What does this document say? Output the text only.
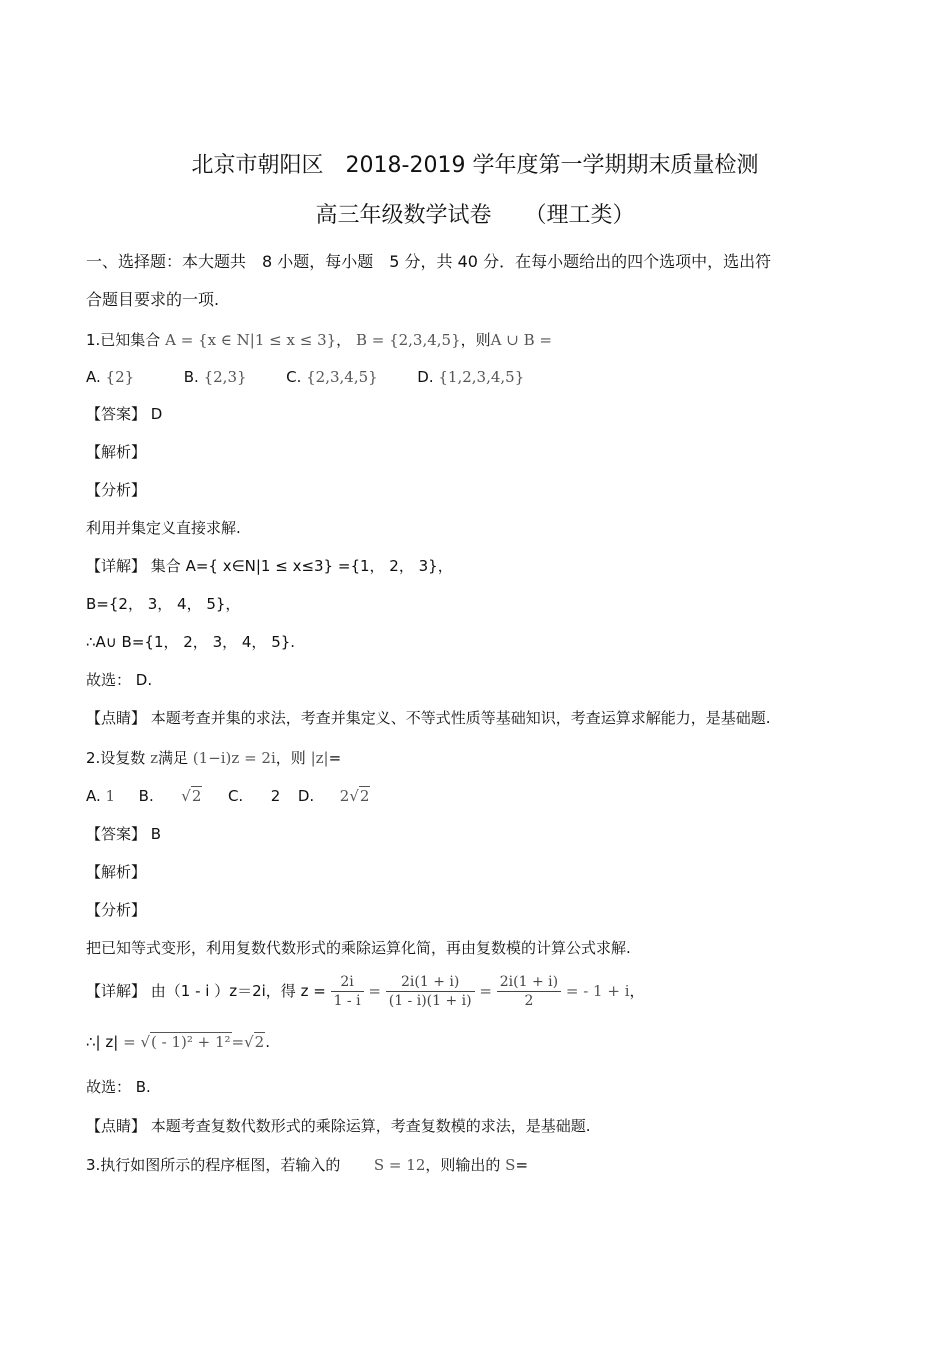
北京市朝阳区　2018-2019 学年度第一学期期末质量检测
高三年级数学试卷　　（理工类）
一、选择题：本大题共　8 小题，每小题　5 分，共 40 分．在每小题给出的四个选项中，选出符
合题目要求的一项.
1.已知集合 A = {x ∈ N|1 ≤ x ≤ 3}， B = {2,3,4,5}，则A ∪ B =
A. {2}	B. {2,3}	C. {2,3,4,5}	D. {1,2,3,4,5}
【答案】 D
【解析】
【分析】
利用并集定义直接求解.
【详解】 集合 A={ x∈N|1 ≤ x≤3} ={1， 2， 3}，
B={2， 3， 4， 5}，
∴A∪ B={1， 2， 3， 4， 5}.
故选： D.
【点睛】 本题考查并集的求法，考查并集定义、不等式性质等基础知识，考查运算求解能力，是基础题.
2.设复数 z满足 (1−i)z = 2i，则 |z|=
A. 1 B. √2 C. 2 D. 2√2
【答案】 B
【解析】
【分析】
把已知等式变形，利用复数代数形式的乘除运算化简，再由复数模的计算公式求解.
【详解】 由（1 - i ）z＝2i，得 $z = \frac{2i}{1 - i} = \frac{2i(1 + i)}{(1 - i)(1 + i)} = \frac{2i(1 + i)}{2}$ = - 1 + i，
∴| z| = √( - 1)² + 1²=√2.
故选： B.
【点睛】 本题考查复数代数形式的乘除运算，考查复数模的求法，是基础题.
3.执行如图所示的程序框图，若输入的 S = 12，则输出的 S=
